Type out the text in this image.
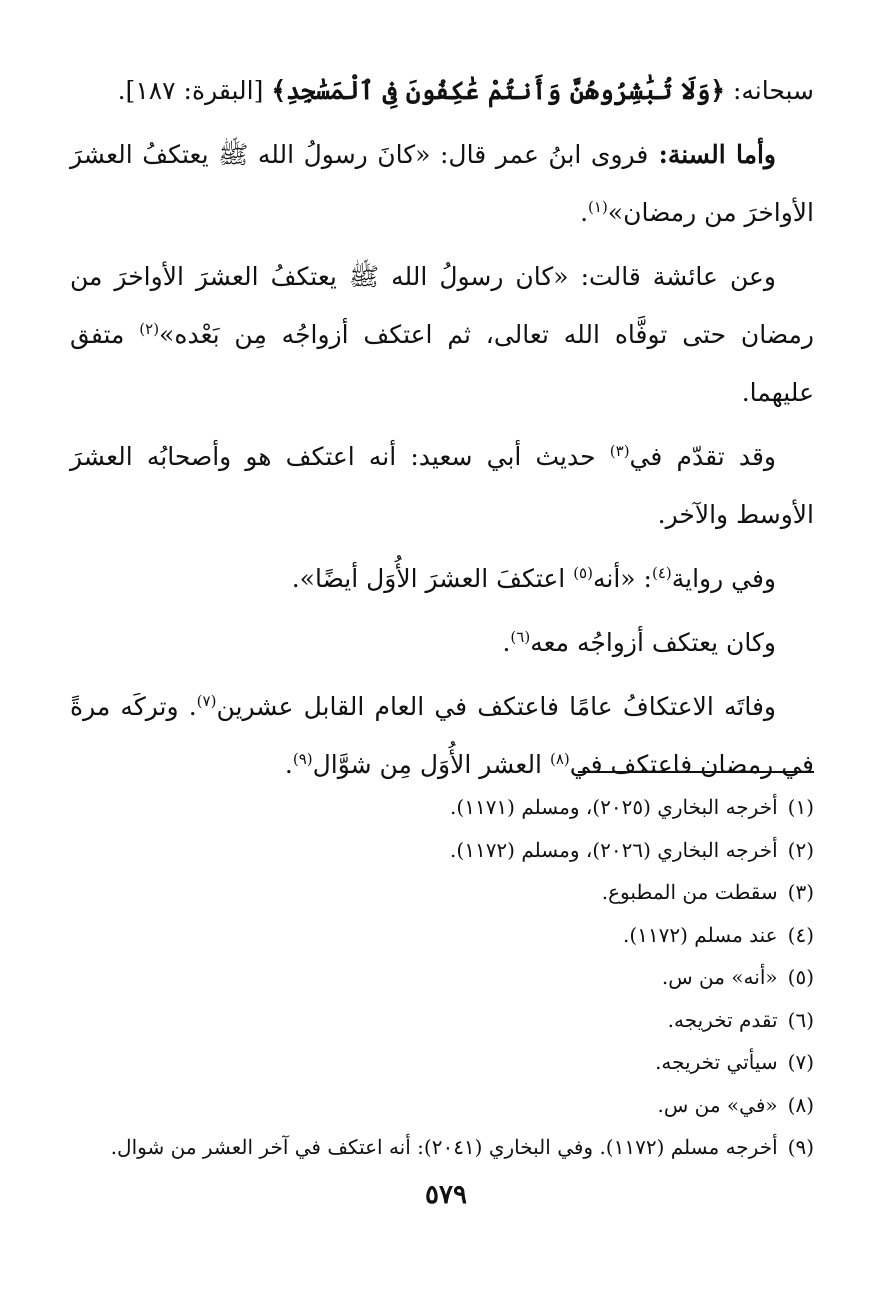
سبحانه: ﴿وَلَا تُبَٰشِرُوهُنَّ وَأَنتُمْ عَٰكِفُونَ فِى ٱلْمَسَٰجِدِ﴾ [البقرة: ١٨٧].

وأما السنة: فروى ابنُ عمر قال: «كانَ رسولُ الله ﷺ يعتكفُ العشرَ الأواخرَ من رمضان»$^{(١)}$.

وعن عائشة قالت: «كان رسولُ الله ﷺ يعتكفُ العشرَ الأواخرَ من رمضان حتى توفَّاه الله تعالى، ثم اعتكف أزواجُه مِن بَعْده»$^{(٢)}$ متفق عليهما.

وقد تقدّم في$^{(٣)}$ حديث أبي سعيد: أنه اعتكف هو وأصحابُه العشرَ الأوسط والآخر.

وفي رواية$^{(٤)}$: «أنه$^{(٥)}$ اعتكفَ العشرَ الأُوَل أيضًا».

وكان يعتكف أزواجُه معه$^{(٦)}$.

وفاتَه الاعتكافُ عامًا فاعتكف في العام القابل عشرين$^{(٧)}$. وتركَه مرةً في رمضان فاعتكف في$^{(٨)}$ العشر الأُوَل مِن شوَّال$^{(٩)}$.

(١)أخرجه البخاري (٢٠٢٥)، ومسلم (١١٧١).
(٢)أخرجه البخاري (٢٠٢٦)، ومسلم (١١٧٢).
(٣)سقطت من المطبوع.
(٤)عند مسلم (١١٧٢).
(٥)«أنه» من س.
(٦)تقدم تخريجه.
(٧)سيأتي تخريجه.
(٨)«في» من س.
(٩)أخرجه مسلم (١١٧٢). وفي البخاري (٢٠٤١): أنه اعتكف في آخر العشر من شوال.
٥٧٩
